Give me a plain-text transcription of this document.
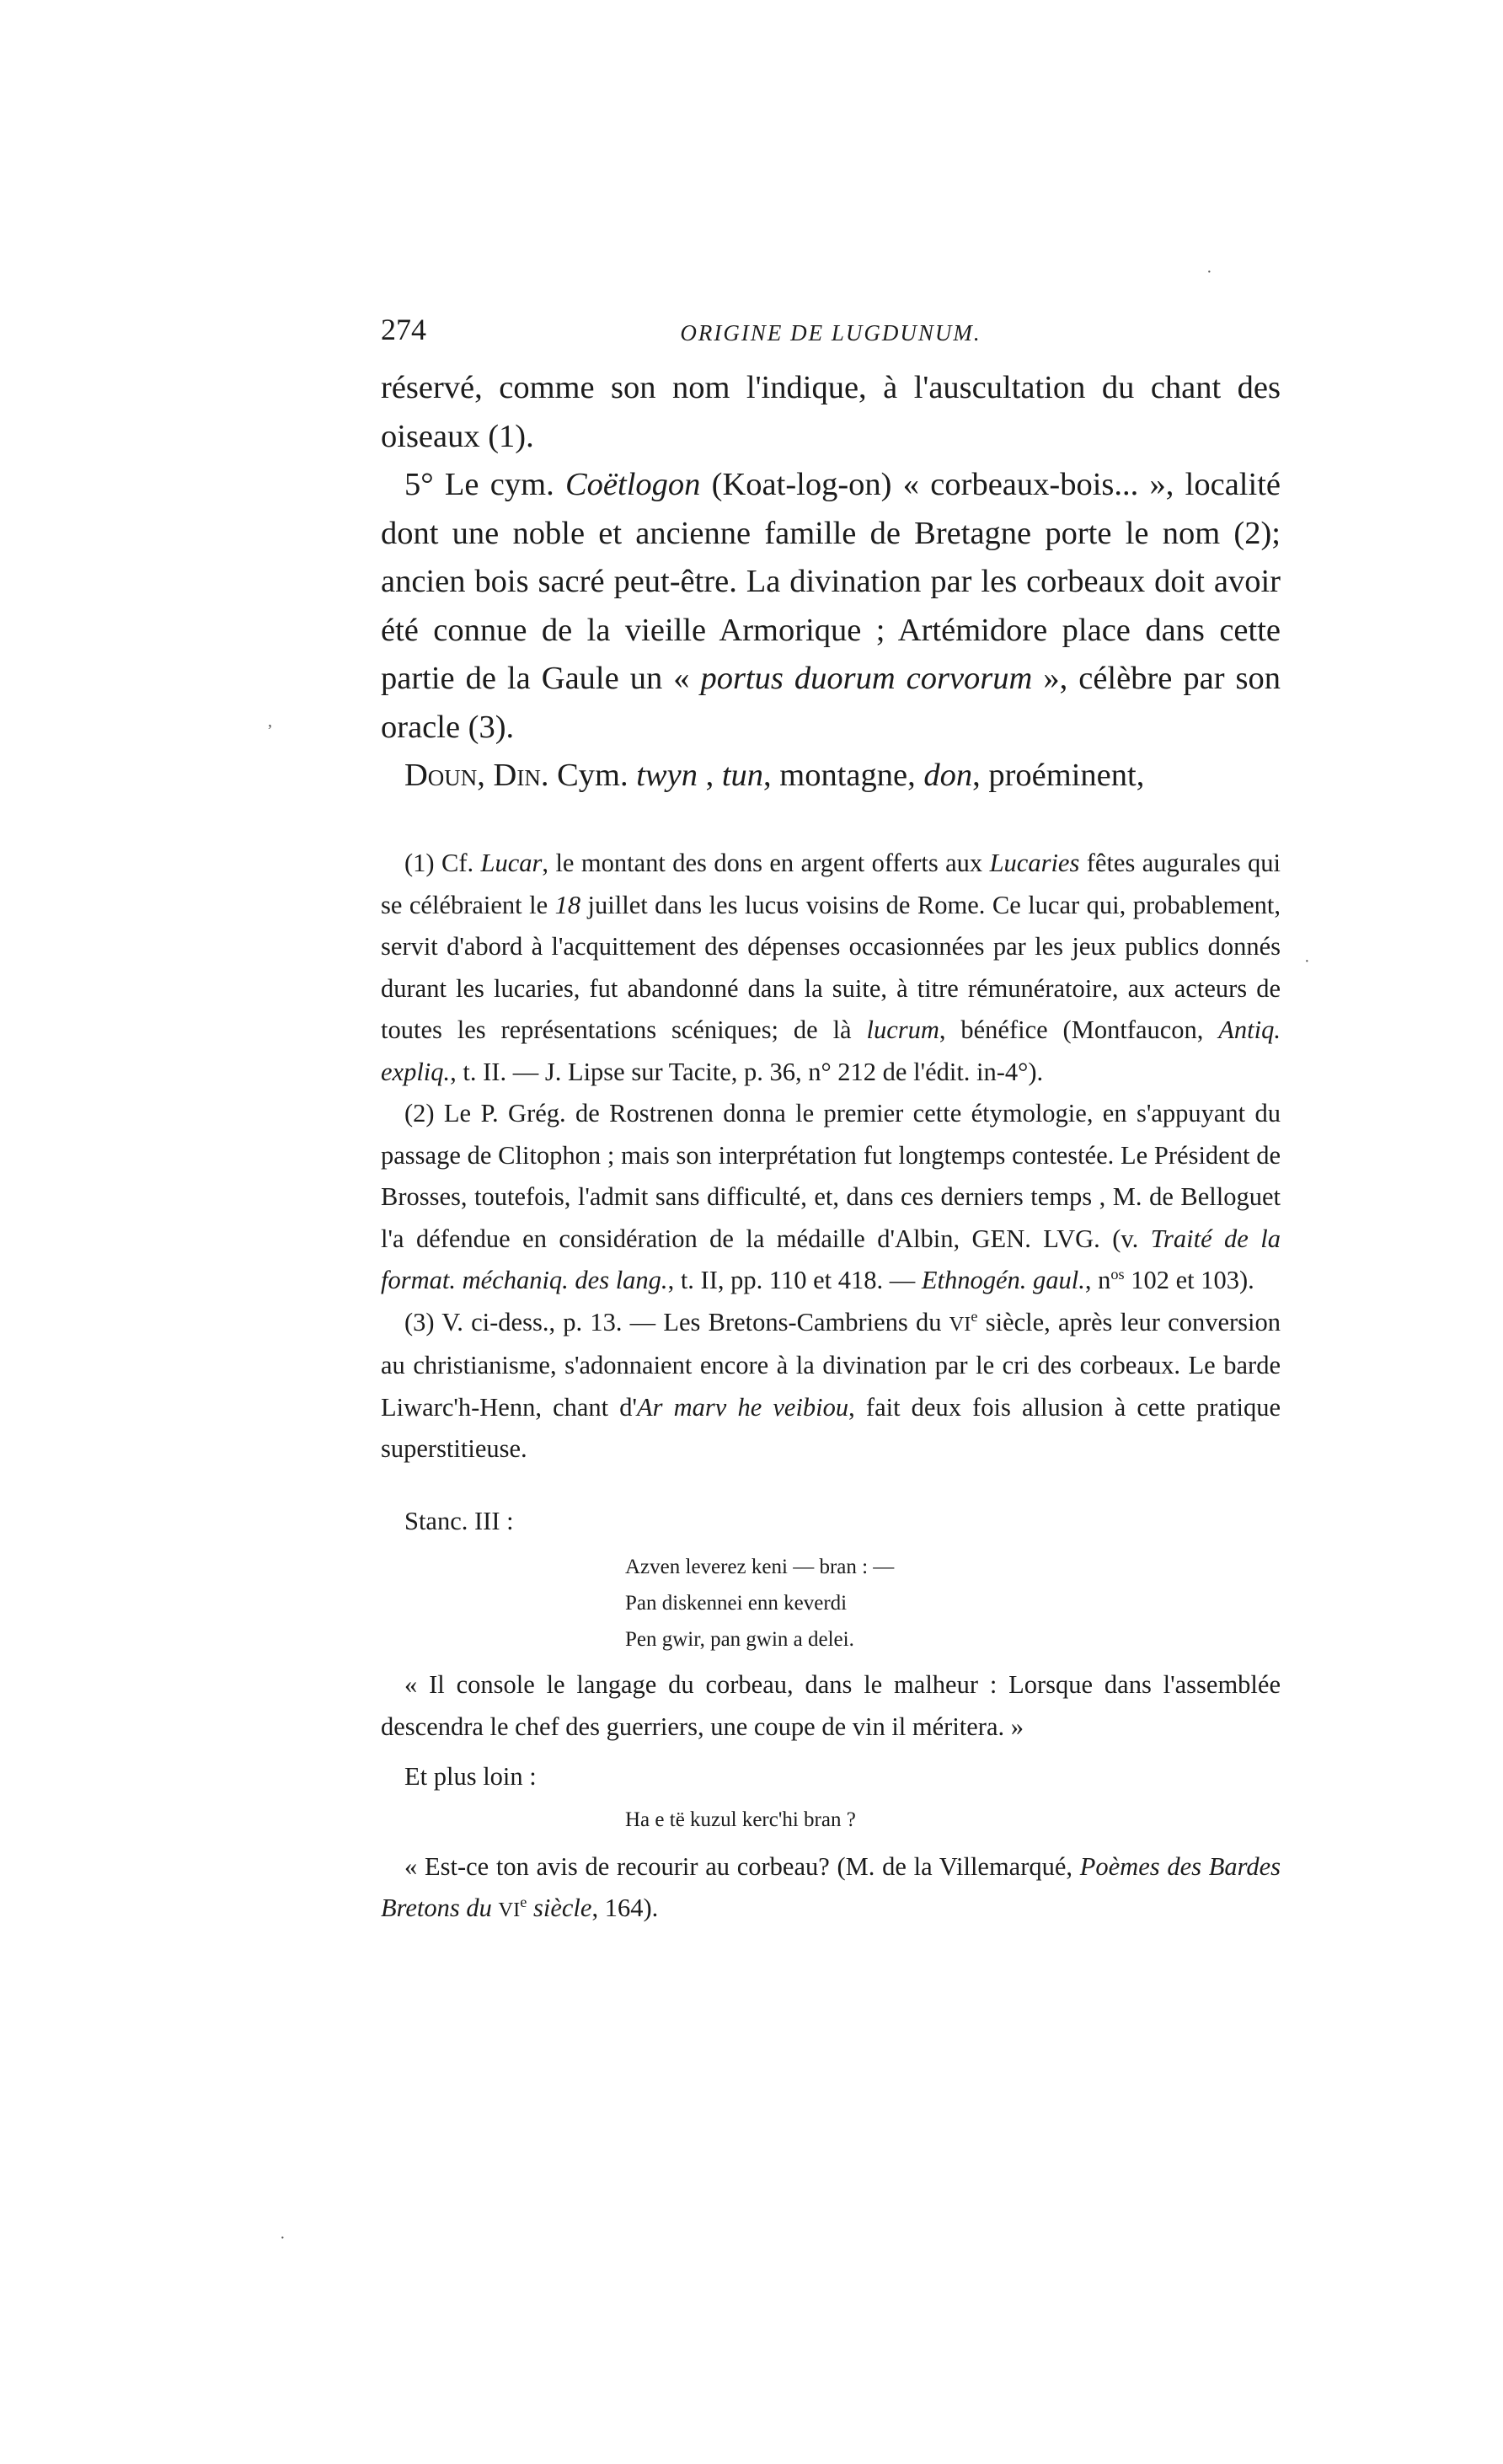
274	ORIGINE DE LUGDUNUM.

réservé, comme son nom l'indique, à l'auscultation du chant des oiseaux (1).

5° Le cym. Coëtlogon (Koat-log-on) « corbeaux-bois... », localité dont une noble et ancienne famille de Bretagne porte le nom (2); ancien bois sacré peut-être. La divination par les corbeaux doit avoir été connue de la vieille Armorique ; Artémidore place dans cette partie de la Gaule un « portus duorum corvorum », célèbre par son oracle (3).

Doun, Din. Cym. twyn , tun, montagne, don, proéminent,

(1) Cf. Lucar, le montant des dons en argent offerts aux Lucaries fêtes augurales qui se célébraient le 18 juillet dans les lucus voisins de Rome. Ce lucar qui, probablement, servit d'abord à l'acquittement des dépenses occasionnées par les jeux publics donnés durant les lucaries, fut abandonné dans la suite, à titre rémunératoire, aux acteurs de toutes les représentations scéniques; de là lucrum, bénéfice (Montfaucon, Antiq. expliq., t. II. — J. Lipse sur Tacite, p. 36, n° 212 de l'édit. in-4°).

(2) Le P. Grég. de Rostrenen donna le premier cette étymologie, en s'appuyant du passage de Clitophon ; mais son interprétation fut longtemps contestée. Le Président de Brosses, toutefois, l'admit sans difficulté, et, dans ces derniers temps , M. de Belloguet l'a défendue en considération de la médaille d'Albin, GEN. LVG. (v. Traité de la format. méchaniq. des lang., t. II, pp. 110 et 418. — Ethnogén. gaul., $n^{os}$ 102 et 103).

(3) V. ci-dess., p. 13. — Les Bretons-Cambriens du VIe siècle, après leur conversion au christianisme, s'adonnaient encore à la divination par le cri des corbeaux. Le barde Liwarc'h-Henn, chant d'Ar marv he veibiou, fait deux fois allusion à cette pratique superstitieuse.

Stanc. III :

Azven leverez keni — bran : —
Pan diskennei enn keverdi
Pen gwir, pan gwin a delei.

« Il console le langage du corbeau, dans le malheur : Lorsque dans l'assemblée descendra le chef des guerriers, une coupe de vin il méritera. »

Et plus loin :

Ha e të kuzul kerc'hi bran ?

« Est-ce ton avis de recourir au corbeau? (M. de la Villemarqué, Poèmes des Bardes Bretons du VIe siècle, 164).

·
,
·
·
